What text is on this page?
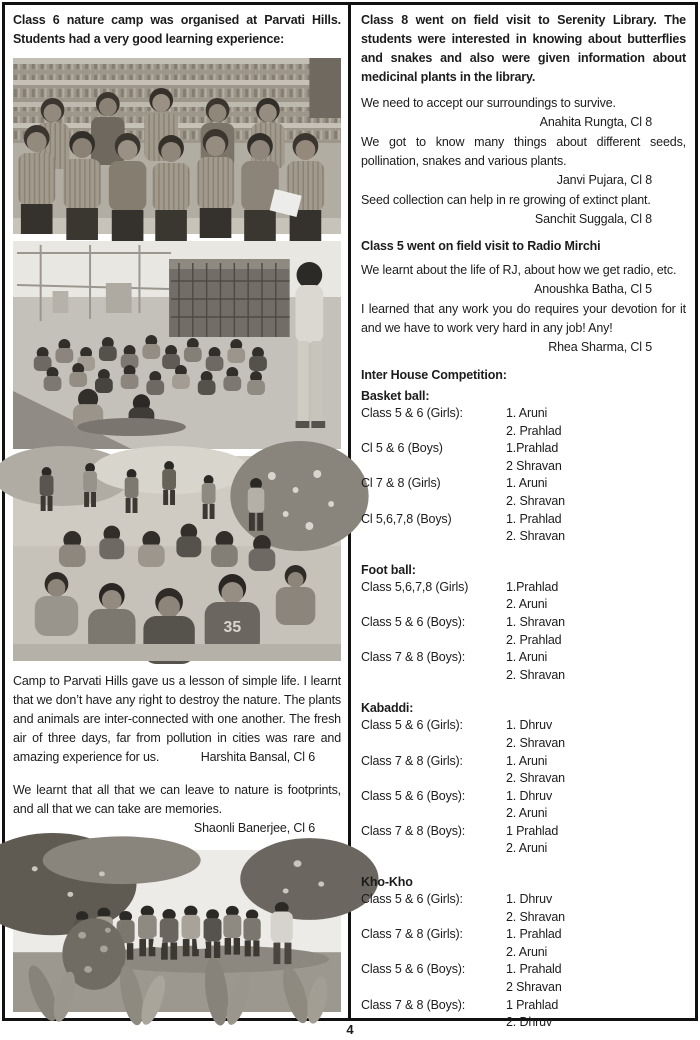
Class 6 nature camp was organised at Parvati Hills. Students had a very good learning experience:

35

Camp to Parvati Hills gave us a lesson of simple life. I learnt that we don’t have any right to destroy the nature. The plants and animals are inter-connected with one another. The fresh air of three days, far from pollution in cities was rare and amazing experience for us.	Harshita Bansal, Cl 6

We learnt that all that we can leave to nature is footprints, and all that we can take are memories.
Shaonli Banerjee, Cl 6

Class 8 went on field visit to Serenity Library. The students were interested in knowing about butterflies and snakes and also were given information about medicinal plants in the library.

We need to accept our surroundings to survive.

Anahita Rungta, Cl 8

We got to know many things about different seeds, pollination, snakes and various plants.

Janvi Pujara, Cl 8

Seed collection can help in re growing of extinct plant.

Sanchit Suggala, Cl 8

Class 5 went on field visit to Radio Mirchi

We learnt about the life of RJ, about how we get radio, etc.

Anoushka Batha, Cl 5

I learned that any work you do requires your devotion for it and we have to work very hard in any job! Any!

Rhea Sharma, Cl 5

Inter House Competition:

Basket ball:
Class 5 & 6 (Girls):	1. Aruni
2. Prahlad
Cl 5 & 6 (Boys)	1.Prahlad
2 Shravan
Cl 7 & 8 (Girls)	1. Aruni
2. Shravan
Cl 5,6,7,8 (Boys)	1. Prahlad
2. Shravan
Foot ball:
Class 5,6,7,8 (Girls)	1.Prahlad
2. Aruni
Class 5 & 6 (Boys):	1. Shravan
2. Prahlad
Class 7 & 8 (Boys):	1. Aruni
2. Shravan
Kabaddi:
Class 5 & 6 (Girls):	1. Dhruv
2. Shravan
Class 7 & 8 (Girls):	1. Aruni
2. Shravan
Class 5 & 6 (Boys):	1. Dhruv
2. Aruni
Class 7 & 8 (Boys):	1 Prahlad
2. Aruni
Kho-Kho
Class 5 & 6 (Girls):	1. Dhruv
2. Shravan
Class 7 & 8 (Girls):	1. Prahlad
2. Aruni
Class 5 & 6 (Boys):	1. Prahald
2 Shravan
Class 7 & 8 (Boys):	1 Prahlad
2. Dhruv
4
